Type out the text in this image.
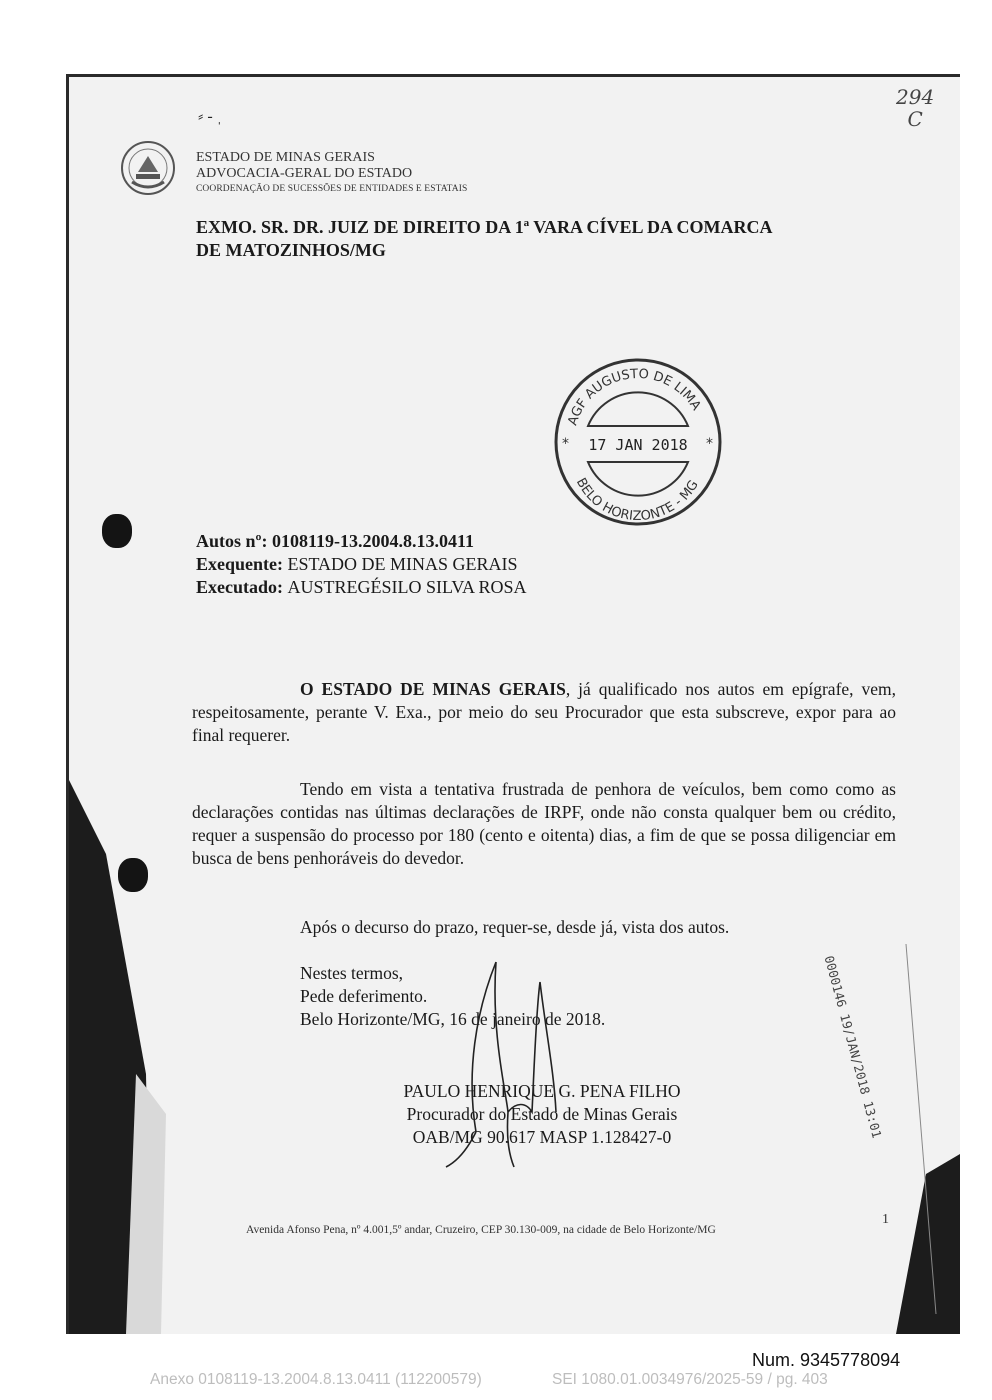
⸗ - ˌ
294
C
ESTADO DE MINAS GERAIS
ADVOCACIA-GERAL DO ESTADO
COORDENAÇÃO DE SUCESSÕES DE ENTIDADES E ESTATAIS
EXMO. SR. DR. JUIZ DE DIREITO DA 1ª VARA CÍVEL DA COMARCA
DE MATOZINHOS/MG
AGF AUGUSTO DE LIMA
BELO HORIZONTE - MG
*	*
17 JAN 2018
Autos nº: 0108119-13.2004.8.13.0411
Exequente: ESTADO DE MINAS GERAIS
Executado: AUSTREGÉSILO SILVA ROSA
O ESTADO DE MINAS GERAIS, já qualificado nos autos em epígrafe, vem, respeitosamente, perante V. Exa., por meio do seu Procurador que esta subscreve, expor para ao final requerer.
Tendo em vista a tentativa frustrada de penhora de veículos, bem como como as declarações contidas nas últimas declarações de IRPF, onde não consta qualquer bem ou crédito, requer a suspensão do processo por 180 (cento e oitenta) dias, a fim de que se possa diligenciar em busca de bens penhoráveis do devedor.
Após o decurso do prazo, requer-se, desde já, vista dos autos.
Nestes termos,
Pede deferimento.
Belo Horizonte/MG, 16 de janeiro de 2018.
PAULO HENRIQUE G. PENA FILHO
Procurador do Estado de Minas Gerais
OAB/MG 90.617 MASP 1.128427-0	0000146 19/JAN/2018 13:01
1
Avenida Afonso Pena, nº 4.001,5º andar, Cruzeiro, CEP 30.130-009, na cidade de Belo Horizonte/MG
Num. 9345778094
Anexo 0108119-13.2004.8.13.0411 (112200579)	SEI 1080.01.0034976/2025-59 / pg. 403
